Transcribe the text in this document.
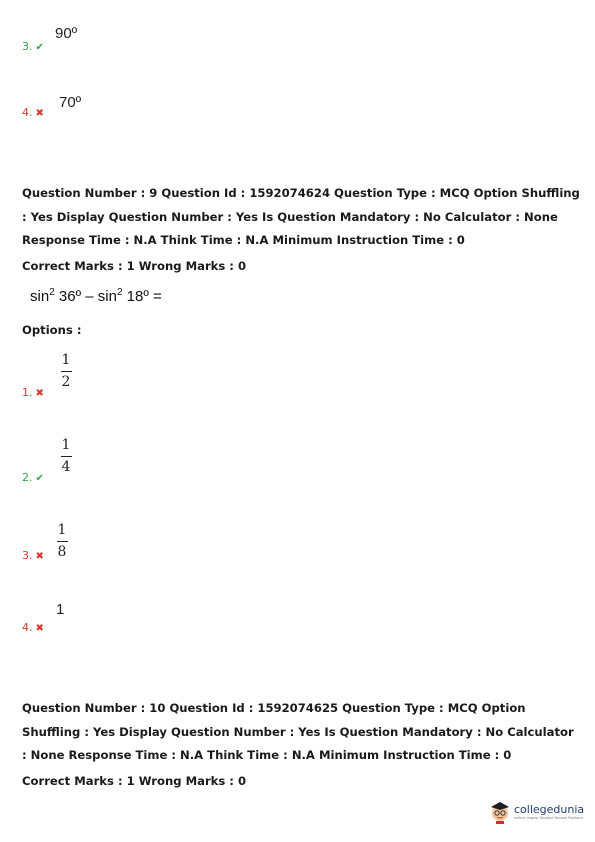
3. ✔
90º
4. ✖
70º
Question Number : 9 Question Id : 1592074624 Question Type : MCQ Option Shuffling : Yes Display Question Number : Yes Is Question Mandatory : No Calculator : None Response Time : N.A Think Time : N.A Minimum Instruction Time : 0
Correct Marks : 1 Wrong Marks : 0
$\sin^2$ 36º – $\sin^2$ 18º =
Options :
1. ✖
1
2
2. ✔
1
4
3. ✖
1
8
4. ✖
1
Question Number : 10 Question Id : 1592074625 Question Type : MCQ Option Shuffling : Yes Display Question Number : Yes Is Question Mandatory : No Calculator : None Response Time : N.A Think Time : N.A Minimum Instruction Time : 0
Correct Marks : 1 Wrong Marks : 0
collegedunia
India's largest Student Review Platform
